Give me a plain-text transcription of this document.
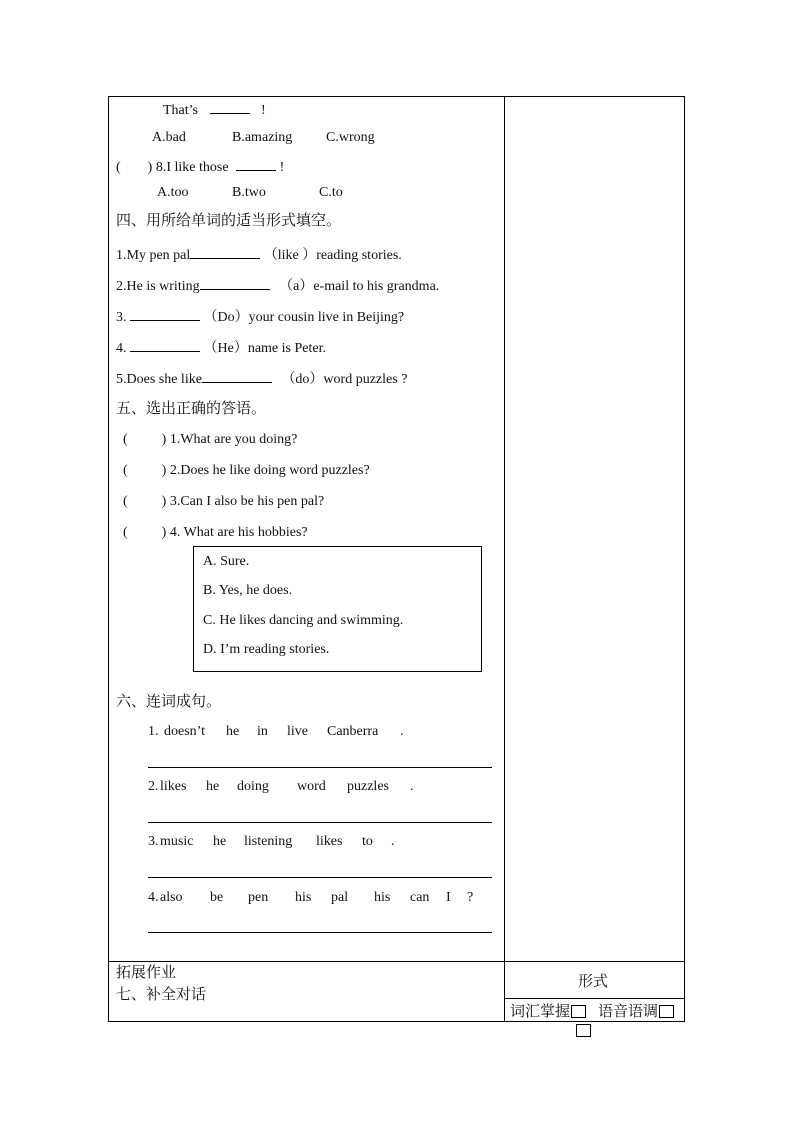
That’s	!
A.bad	B.amazing C.wrong
( ) 8.I like those	!
A.too	B.two	C.to
四、用所给单词的适当形式填空。
1.My pen pal	（like ）reading stories.
2.He is writing	（a）e-mail to his grandma.
3.	（Do）your cousin live in Beijing?
4.	（He）name is Peter.
5.Does she like	（do）word puzzles ?
五、选出正确的答语。
( ) 1.What are you doing?
( ) 2.Does he like doing word puzzles?
( ) 3.Can I also be his pen pal?
( ) 4. What are his hobbies?
A. Sure.
B. Yes, he does.
C. He likes dancing and swimming.
D. I’m reading stories.
六、连词成句。
1. doesn’t he in live Canberra .
2. likes he doing word puzzles .
3. music he listening likes to .
4. also be pen his pal his can I ?
拓展作业
七、补全对话
形式
词汇掌握	语音语调
